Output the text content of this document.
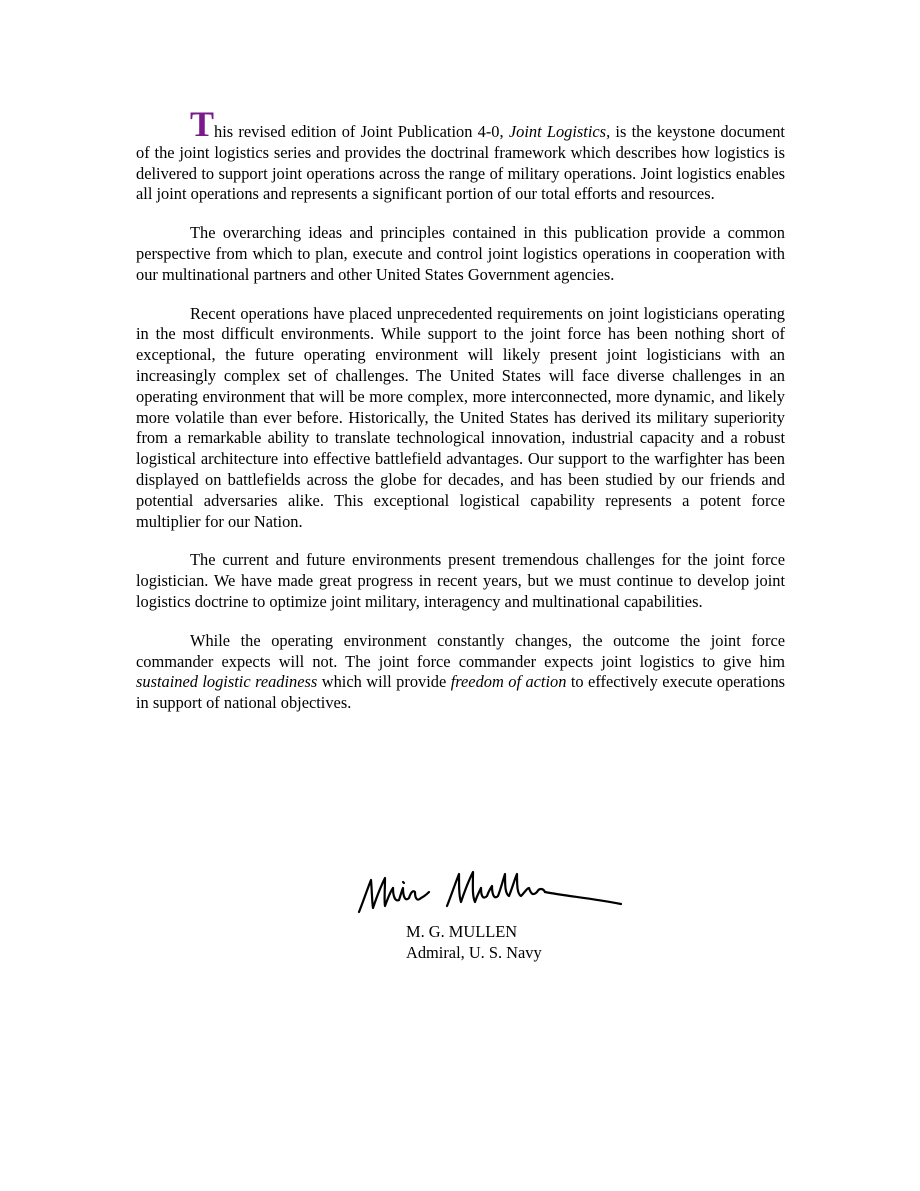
This revised edition of Joint Publication 4-0, Joint Logistics, is the keystone document of the joint logistics series and provides the doctrinal framework which describes how logistics is delivered to support joint operations across the range of military operations. Joint logistics enables all joint operations and represents a significant portion of our total efforts and resources.

The overarching ideas and principles contained in this publication provide a common perspective from which to plan, execute and control joint logistics operations in cooperation with our multinational partners and other United States Government agencies.

Recent operations have placed unprecedented requirements on joint logisticians operating in the most difficult environments. While support to the joint force has been nothing short of exceptional, the future operating environment will likely present joint logisticians with an increasingly complex set of challenges. The United States will face diverse challenges in an operating environment that will be more complex, more interconnected, more dynamic, and likely more volatile than ever before. Historically, the United States has derived its military superiority from a remarkable ability to translate technological innovation, industrial capacity and a robust logistical architecture into effective battlefield advantages. Our support to the warfighter has been displayed on battlefields across the globe for decades, and has been studied by our friends and potential adversaries alike. This exceptional logistical capability represents a potent force multiplier for our Nation.

The current and future environments present tremendous challenges for the joint force logistician. We have made great progress in recent years, but we must continue to develop joint logistics doctrine to optimize joint military, interagency and multinational capabilities.

While the operating environment constantly changes, the outcome the joint force commander expects will not. The joint force commander expects joint logistics to give him sustained logistic readiness which will provide freedom of action to effectively execute operations in support of national objectives.

M. G. MULLEN
Admiral, U. S. Navy
